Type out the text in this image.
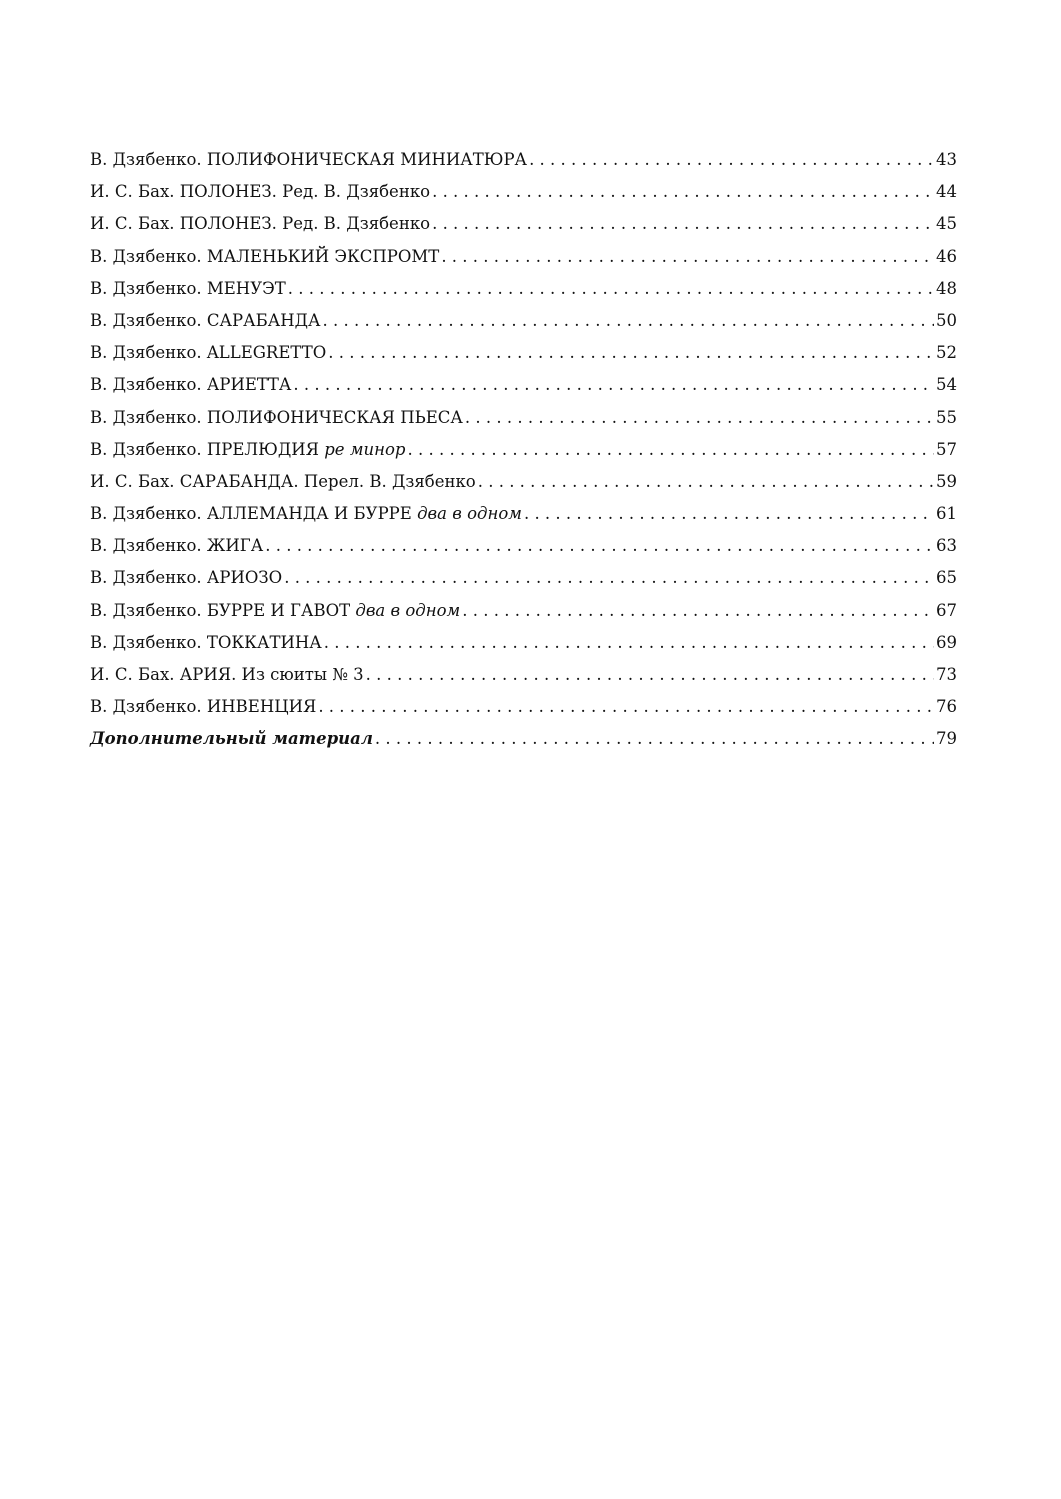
В. Дзябенко. ПОЛИФОНИЧЕСКАЯ МИНИАТЮРА . . .	43
И. С. Бах. ПОЛОНЕЗ. Ред. В. Дзябенко . . .	44
И. С. Бах. ПОЛОНЕЗ. Ред. В. Дзябенко . . .	45
В. Дзябенко. МАЛЕНЬКИЙ ЭКСПРОМТ . . .	46
В. Дзябенко. МЕНУЭТ . . .	48
В. Дзябенко. САРАБАНДА . . .	50
В. Дзябенко. ALLEGRETTO . . .	52
В. Дзябенко. АРИЕТТА . . .	54
В. Дзябенко. ПОЛИФОНИЧЕСКАЯ ПЬЕСА . . .	55
В. Дзябенко. ПРЕЛЮДИЯ ре минор . . .	57
И. С. Бах. САРАБАНДА. Перел. В. Дзябенко . . .	59
В. Дзябенко. АЛЛЕМАНДА И БУРРЕ два в одном . . .	61
В. Дзябенко. ЖИГА . . .	63
В. Дзябенко. АРИОЗО . . .	65
В. Дзябенко. БУРРЕ И ГАВОТ два в одном . . .	67
В. Дзябенко. ТОККАТИНА . . .	69
И. С. Бах. АРИЯ. Из сюиты № 3 . . .	73
В. Дзябенко. ИНВЕНЦИЯ . . .	76
Дополнительный материал . . .	79
